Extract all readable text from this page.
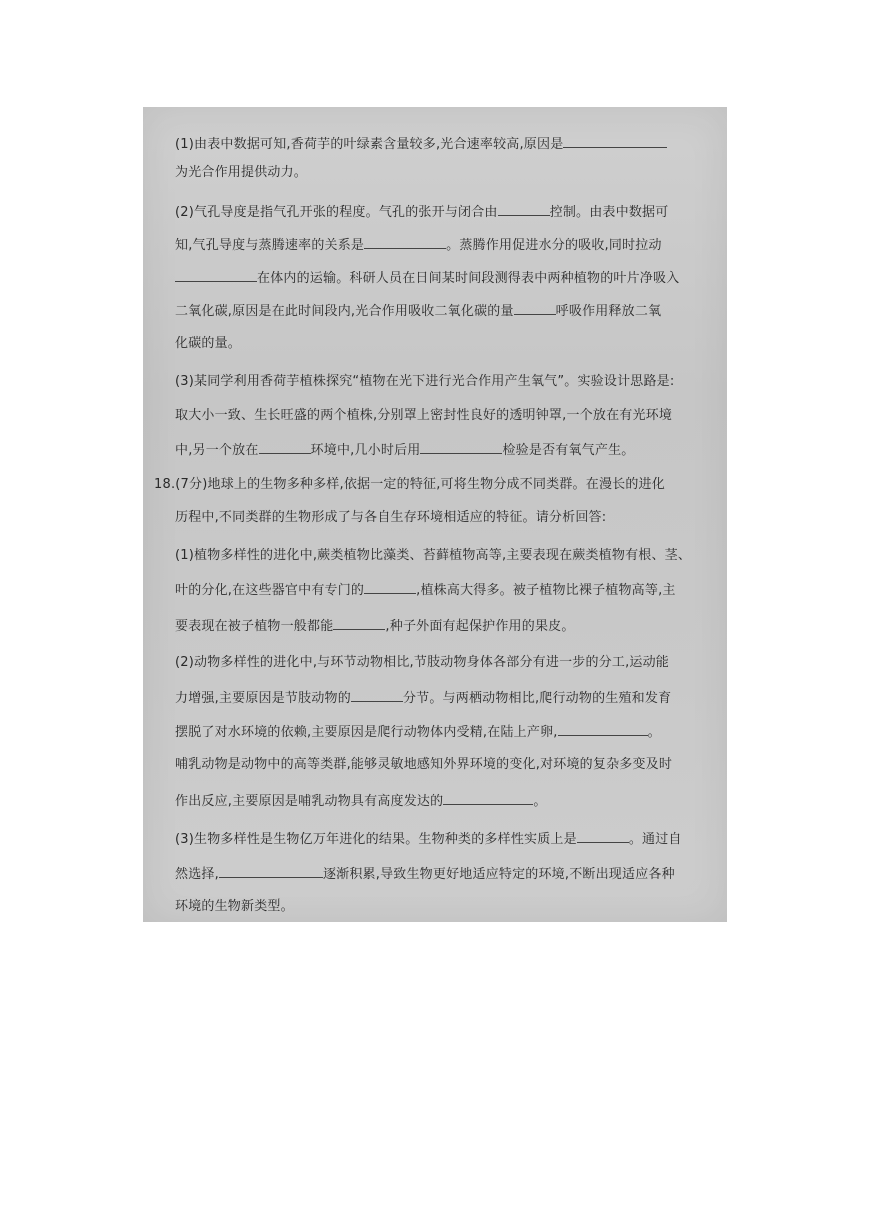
(1)由表中数据可知,香荷芋的叶绿素含量较多,光合速率较高,原因是
为光合作用提供动力。
(2)气孔导度是指气孔开张的程度。气孔的张开与闭合由	控制。由表中数据可
知,气孔导度与蒸腾速率的关系是	。蒸腾作用促进水分的吸收,同时拉动
在体内的运输。科研人员在日间某时间段测得表中两种植物的叶片净吸入
二氧化碳,原因是在此时间段内,光合作用吸收二氧化碳的量	呼吸作用释放二氧
化碳的量。
(3)某同学利用香荷芋植株探究“植物在光下进行光合作用产生氧气”。实验设计思路是:
取大小一致、生长旺盛的两个植株,分别罩上密封性良好的透明钟罩,一个放在有光环境
中,另一个放在	环境中,几小时后用	检验是否有氧气产生。
18.(7分)地球上的生物多种多样,依据一定的特征,可将生物分成不同类群。在漫长的进化
历程中,不同类群的生物形成了与各自生存环境相适应的特征。请分析回答:
(1)植物多样性的进化中,蕨类植物比藻类、苔藓植物高等,主要表现在蕨类植物有根、茎、
叶的分化,在这些器官中有专门的	,植株高大得多。被子植物比裸子植物高等,主
要表现在被子植物一般都能	,种子外面有起保护作用的果皮。
(2)动物多样性的进化中,与环节动物相比,节肢动物身体各部分有进一步的分工,运动能
力增强,主要原因是节肢动物的	分节。与两栖动物相比,爬行动物的生殖和发育
摆脱了对水环境的依赖,主要原因是爬行动物体内受精,在陆上产卵,	。
哺乳动物是动物中的高等类群,能够灵敏地感知外界环境的变化,对环境的复杂多变及时
作出反应,主要原因是哺乳动物具有高度发达的	。
(3)生物多样性是生物亿万年进化的结果。生物种类的多样性实质上是	。通过自
然选择,	逐渐积累,导致生物更好地适应特定的环境,不断出现适应各种
环境的生物新类型。
